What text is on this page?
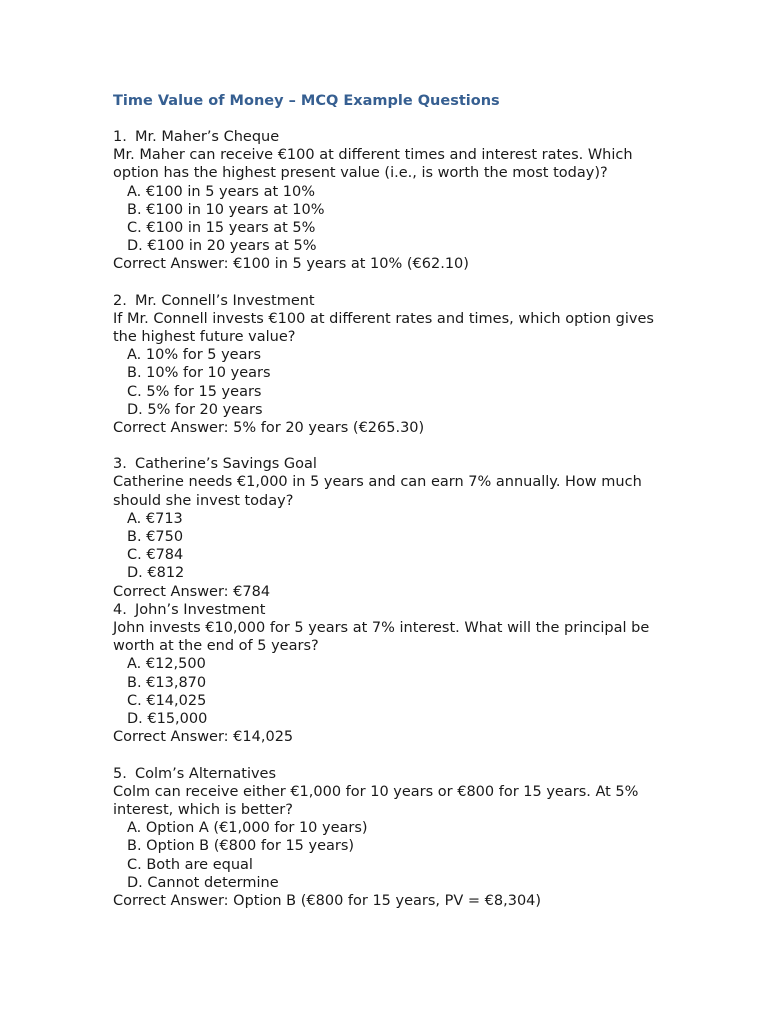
Time Value of Money – MCQ Example Questions
1. Mr. Maher’s Cheque

Mr. Maher can receive €100 at different times and interest rates. Which option has the highest present value (i.e., is worth the most today)?

A. €100 in 5 years at 10%
B. €100 in 10 years at 10%
C. €100 in 15 years at 5%
D. €100 in 20 years at 5%

Correct Answer: €100 in 5 years at 10% (€62.10)

2. Mr. Connell’s Investment

If Mr. Connell invests €100 at different rates and times, which option gives the highest future value?

A. 10% for 5 years
B. 10% for 10 years
C. 5% for 15 years
D. 5% for 20 years

Correct Answer: 5% for 20 years (€265.30)

3. Catherine’s Savings Goal

Catherine needs €1,000 in 5 years and can earn 7% annually. How much should she invest today?

A. €713
B. €750
C. €784
D. €812

Correct Answer: €784

4. John’s Investment

John invests €10,000 for 5 years at 7% interest. What will the principal be worth at the end of 5 years?

A. €12,500
B. €13,870
C. €14,025
D. €15,000

Correct Answer: €14,025

5. Colm’s Alternatives

Colm can receive either €1,000 for 10 years or €800 for 15 years. At 5% interest, which is better?

A. Option A (€1,000 for 10 years)
B. Option B (€800 for 15 years)
C. Both are equal
D. Cannot determine

Correct Answer: Option B (€800 for 15 years, PV = €8,304)
